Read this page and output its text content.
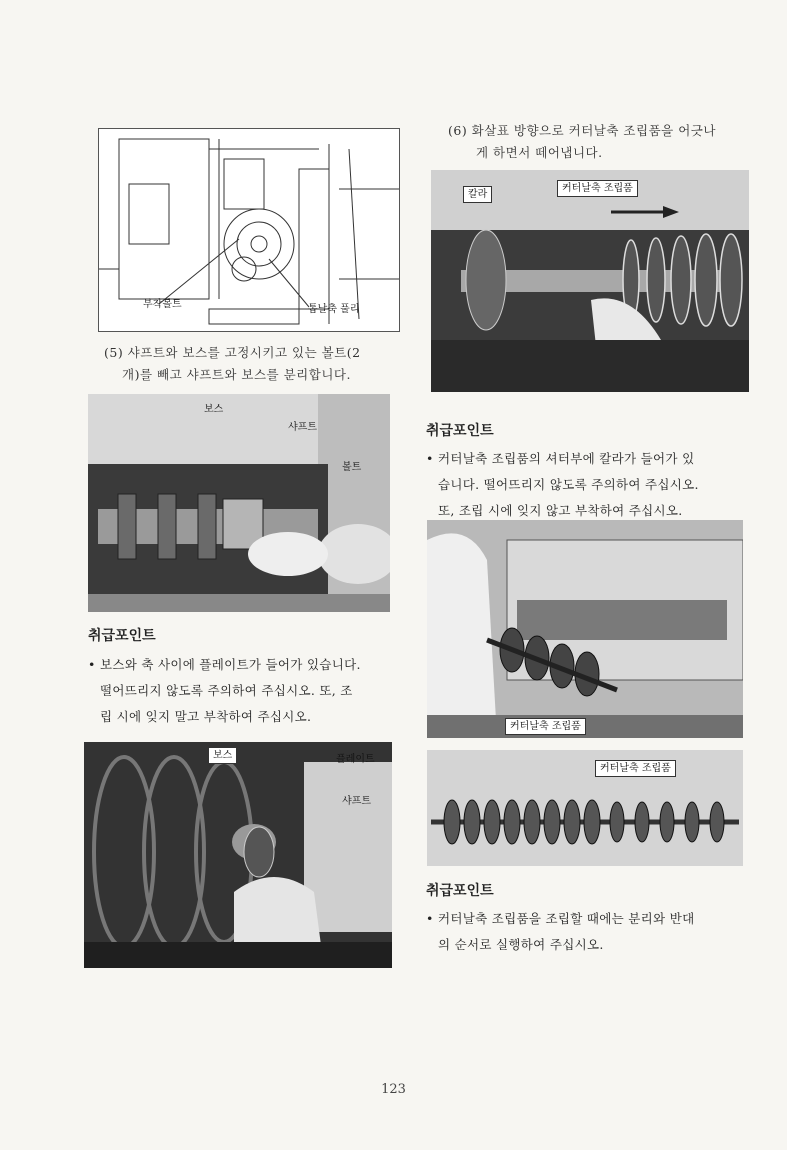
부착볼트	톱날축 풀리
(5) 샤프트와 보스를 고정시키고 있는 볼트(2
개)를 빼고 샤프트와 보스를 분리합니다.
보스
샤프트
볼트
취급포인트
• 보스와 축 사이에 플레이트가 들어가 있습니다.
떨어뜨리지 않도록 주의하여 주십시오. 또, 조
립 시에 잊지 말고 부착하여 주십시오.
보스	플레이트
샤프트
(6) 화살표 방향으로 커터날축 조립품을 어긋나
게 하면서 떼어냅니다.
칼라
커터날축 조립품
취급포인트
• 커터날축 조립품의 셔터부에 칼라가 들어가 있
습니다. 떨어뜨리지 않도록 주의하여 주십시오.
또, 조립 시에 잊지 않고 부착하여 주십시오.
커터날축 조립품
커터날축 조립품
취급포인트
• 커터날축 조립품을 조립할 때에는 분리와 반대
의 순서로 실행하여 주십시오.
123
